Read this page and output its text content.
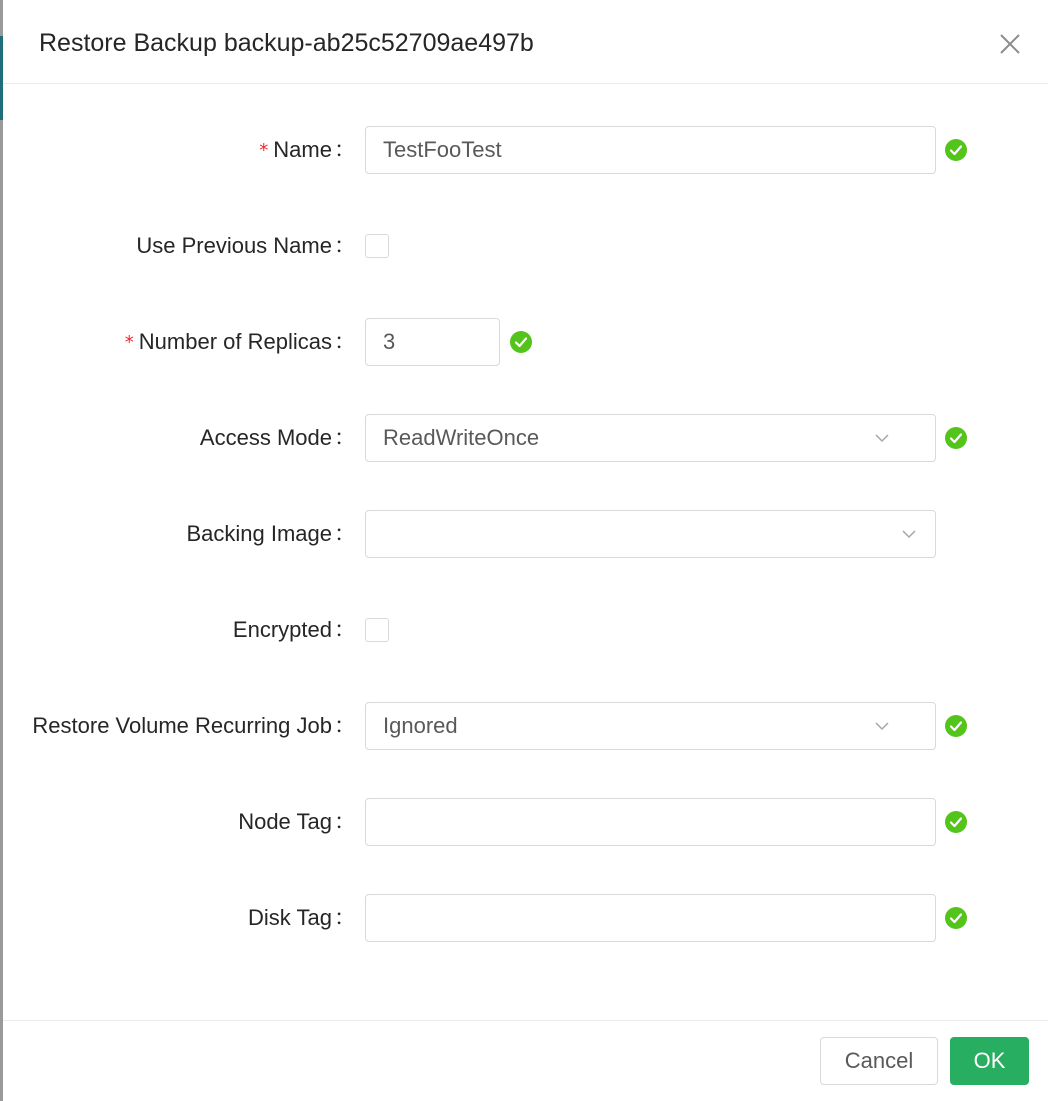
Restore Backup backup-ab25c52709ae497b
* Name：	TestFooTest
Use Previous Name：
* Number of Replicas：	3
Access Mode：	ReadWriteOnce
Backing Image：
Encrypted：
Restore Volume Recurring Job：	Ignored
Node Tag：
Disk Tag：
Cancel	OK
